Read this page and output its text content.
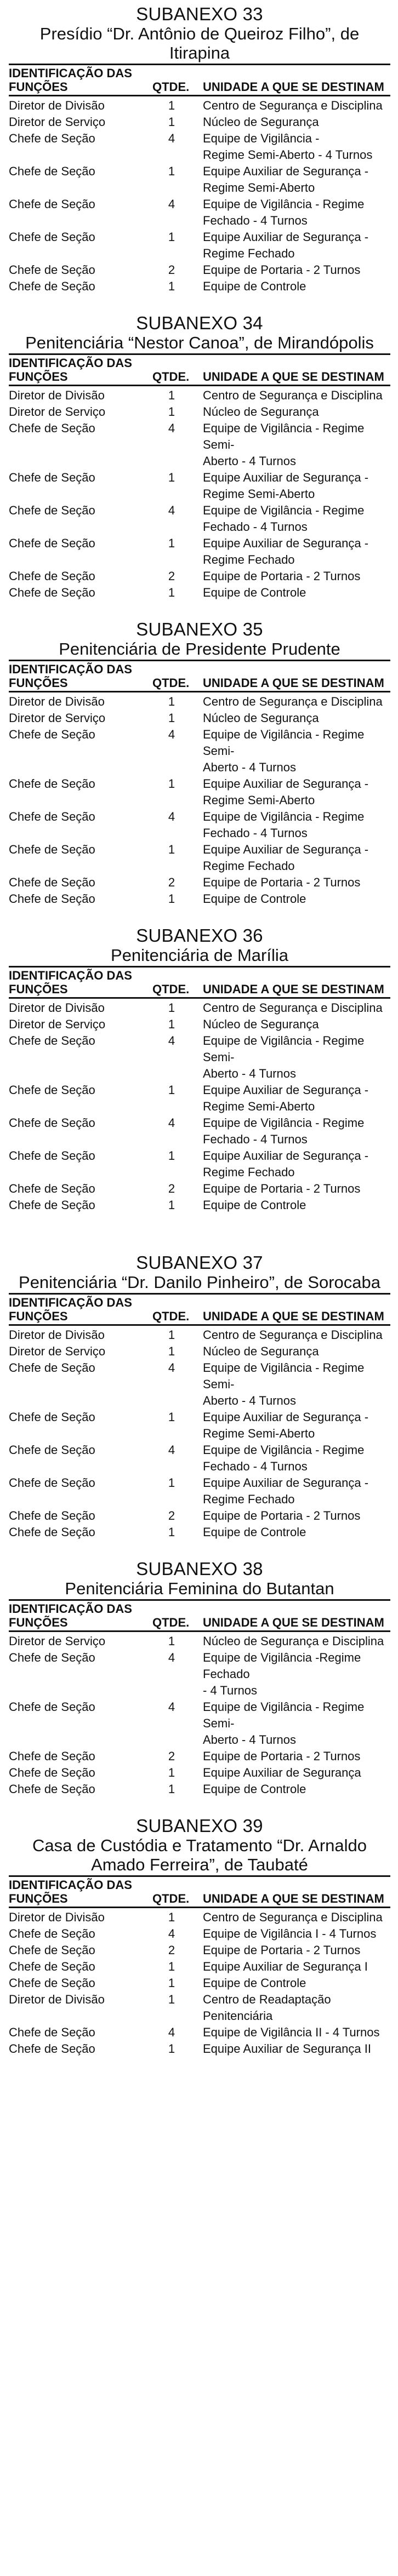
SUBANEXO 33
Presídio “Dr. Antônio de Queiroz Filho”, de Itirapina
IDENTIFICAÇÃO DAS
FUNÇÕES	QTDE.	UNIDADE A QUE SE DESTINAM
Diretor de Divisão	1	Centro de Segurança e Disciplina
Diretor de Serviço	1	Núcleo de Segurança
Chefe de Seção	4	Equipe de Vigilância -
Regime Semi-Aberto - 4 Turnos
Chefe de Seção	1	Equipe Auxiliar de Segurança -
Regime Semi-Aberto
Chefe de Seção	4	Equipe de Vigilância - Regime
Fechado - 4 Turnos
Chefe de Seção	1	Equipe Auxiliar de Segurança -
Regime Fechado
Chefe de Seção	2	Equipe de Portaria - 2 Turnos
Chefe de Seção	1	Equipe de Controle
SUBANEXO 34
Penitenciária “Nestor Canoa”, de Mirandópolis
IDENTIFICAÇÃO DAS
FUNÇÕES	QTDE.	UNIDADE A QUE SE DESTINAM
Diretor de Divisão	1	Centro de Segurança e Disciplina
Diretor de Serviço	1	Núcleo de Segurança
Chefe de Seção	4	Equipe de Vigilância - Regime Semi-
Aberto - 4 Turnos
Chefe de Seção	1	Equipe Auxiliar de Segurança -
Regime Semi-Aberto
Chefe de Seção	4	Equipe de Vigilância - Regime
Fechado - 4 Turnos
Chefe de Seção	1	Equipe Auxiliar de Segurança -
Regime Fechado
Chefe de Seção	2	Equipe de Portaria - 2 Turnos
Chefe de Seção	1	Equipe de Controle
SUBANEXO 35
Penitenciária de Presidente Prudente
IDENTIFICAÇÃO DAS
FUNÇÕES	QTDE.	UNIDADE A QUE SE DESTINAM
Diretor de Divisão	1	Centro de Segurança e Disciplina
Diretor de Serviço	1	Núcleo de Segurança
Chefe de Seção	4	Equipe de Vigilância - Regime Semi-
Aberto - 4 Turnos
Chefe de Seção	1	Equipe Auxiliar de Segurança -
Regime Semi-Aberto
Chefe de Seção	4	Equipe de Vigilância - Regime
Fechado - 4 Turnos
Chefe de Seção	1	Equipe Auxiliar de Segurança -
Regime Fechado
Chefe de Seção	2	Equipe de Portaria - 2 Turnos
Chefe de Seção	1	Equipe de Controle
SUBANEXO 36
Penitenciária de Marília
IDENTIFICAÇÃO DAS
FUNÇÕES	QTDE.	UNIDADE A QUE SE DESTINAM
Diretor de Divisão	1	Centro de Segurança e Disciplina
Diretor de Serviço	1	Núcleo de Segurança
Chefe de Seção	4	Equipe de Vigilância - Regime Semi-
Aberto - 4 Turnos
Chefe de Seção	1	Equipe Auxiliar de Segurança -
Regime Semi-Aberto
Chefe de Seção	4	Equipe de Vigilância - Regime
Fechado - 4 Turnos
Chefe de Seção	1	Equipe Auxiliar de Segurança -
Regime Fechado
Chefe de Seção	2	Equipe de Portaria - 2 Turnos
Chefe de Seção	1	Equipe de Controle
SUBANEXO 37
Penitenciária “Dr. Danilo Pinheiro”, de Sorocaba
IDENTIFICAÇÃO DAS
FUNÇÕES	QTDE.	UNIDADE A QUE SE DESTINAM
Diretor de Divisão	1	Centro de Segurança e Disciplina
Diretor de Serviço	1	Núcleo de Segurança
Chefe de Seção	4	Equipe de Vigilância - Regime Semi-
Aberto - 4 Turnos
Chefe de Seção	1	Equipe Auxiliar de Segurança -
Regime Semi-Aberto
Chefe de Seção	4	Equipe de Vigilância - Regime
Fechado - 4 Turnos
Chefe de Seção	1	Equipe Auxiliar de Segurança -
Regime Fechado
Chefe de Seção	2	Equipe de Portaria - 2 Turnos
Chefe de Seção	1	Equipe de Controle
SUBANEXO 38
Penitenciária Feminina do Butantan
IDENTIFICAÇÃO DAS
FUNÇÕES	QTDE.	UNIDADE A QUE SE DESTINAM
Diretor de Serviço	1	Núcleo de Segurança e Disciplina
Chefe de Seção	4	Equipe de Vigilância -Regime Fechado
- 4 Turnos
Chefe de Seção	4	Equipe de Vigilância - Regime Semi-
Aberto - 4 Turnos
Chefe de Seção	2	Equipe de Portaria - 2 Turnos
Chefe de Seção	1	Equipe Auxiliar de Segurança
Chefe de Seção	1	Equipe de Controle
SUBANEXO 39
Casa de Custódia e Tratamento “Dr. Arnaldo
Amado Ferreira”, de Taubaté
IDENTIFICAÇÃO DAS
FUNÇÕES	QTDE.	UNIDADE A QUE SE DESTINAM
Diretor de Divisão	1	Centro de Segurança e Disciplina
Chefe de Seção	4	Equipe de Vigilância I - 4 Turnos
Chefe de Seção	2	Equipe de Portaria - 2 Turnos
Chefe de Seção	1	Equipe Auxiliar de Segurança I
Chefe de Seção	1	Equipe de Controle
Diretor de Divisão	1	Centro de Readaptação Penitenciária
Chefe de Seção	4	Equipe de Vigilância II - 4 Turnos
Chefe de Seção	1	Equipe Auxiliar de Segurança II
